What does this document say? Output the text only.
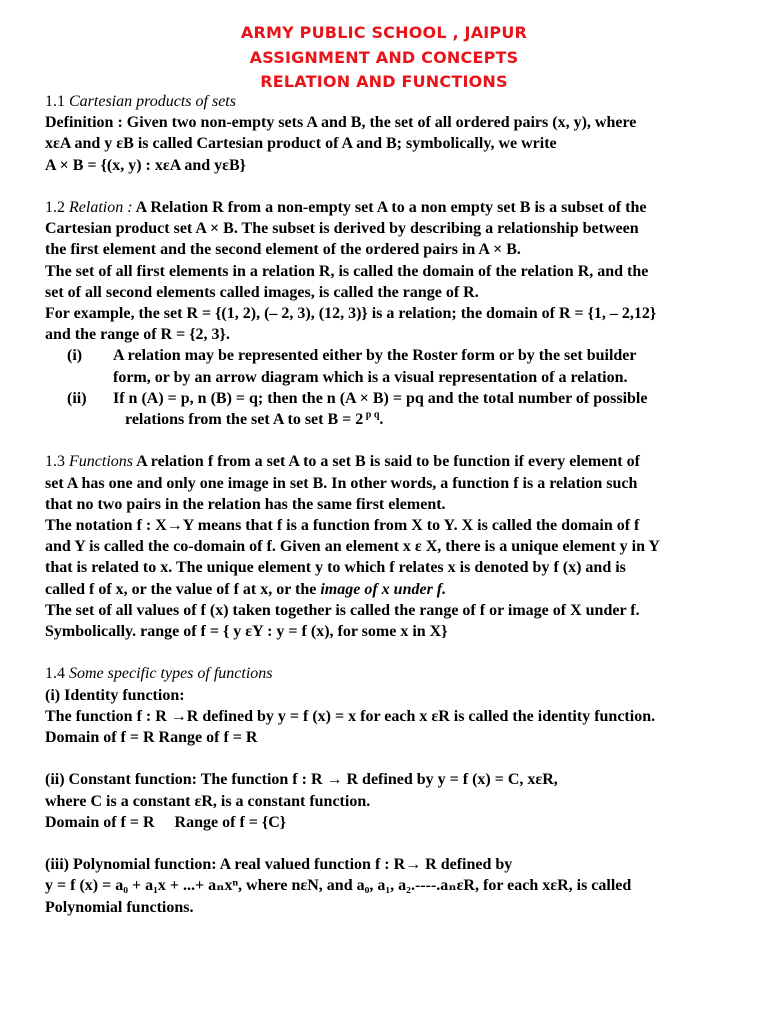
ARMY PUBLIC SCHOOL , JAIPUR
ASSIGNMENT AND CONCEPTS
RELATION AND FUNCTIONS

1.1 Cartesian products of sets

Definition : Given two non-empty sets A and B, the set of all ordered pairs (x, y), where

xεA and y εB is called Cartesian product of A and B; symbolically, we write

A × B = {(x, y) : xεA and yεB}

1.2 Relation : A Relation R from a non-empty set A to a non empty set B is a subset of the

Cartesian product set A × B. The subset is derived by describing a relationship between

the first element and the second element of the ordered pairs in A × B.

The set of all first elements in a relation R, is called the domain of the relation R, and the

set of all second elements called images, is called the range of R.

For example, the set R = {(1, 2), (– 2, 3), (12, 3)} is a relation; the domain of R = {1, – 2,12}

and the range of R = {2, 3}.

(i)	A relation may be represented either by the Roster form or by the set builder
form, or by an arrow diagram which is a visual representation of a relation.
(ii)	If n (A) = p, n (B) = q; then the n (A × B) = pq and the total number of possible
relations from the set A to set B = 2 $^{p q}$.

1.3 Functions A relation f from a set A to a set B is said to be function if every element of

set A has one and only one image in set B. In other words, a function f is a relation such

that no two pairs in the relation has the same first element.

The notation f : X→Y means that f is a function from X to Y. X is called the domain of f

and Y is called the co-domain of f. Given an element x ε X, there is a unique element y in Y

that is related to x. The unique element y to which f relates x is denoted by f (x) and is

called f of x, or the value of f at x, or the image of x under f.

The set of all values of f (x) taken together is called the range of f or image of X under f.

Symbolically. range of f = { y εY : y = f (x), for some x in X}

1.4 Some specific types of functions

(i) Identity function:

The function f : R →R defined by y = f (x) = x for each x εR is called the identity function.

Domain of f = R Range of f = R

(ii) Constant function: The function f : R → R defined by y = f (x) = C, xεR,

where C is a constant εR, is a constant function.

Domain of f = R     Range of f = {C}

(iii) Polynomial function: A real valued function f : R→ R defined by

y = f (x) = a₀ + a₁x + ...+ aₙxⁿ, where nεN, and a₀, a₁, a₂.----.aₙεR, for each xεR, is called

Polynomial functions.
